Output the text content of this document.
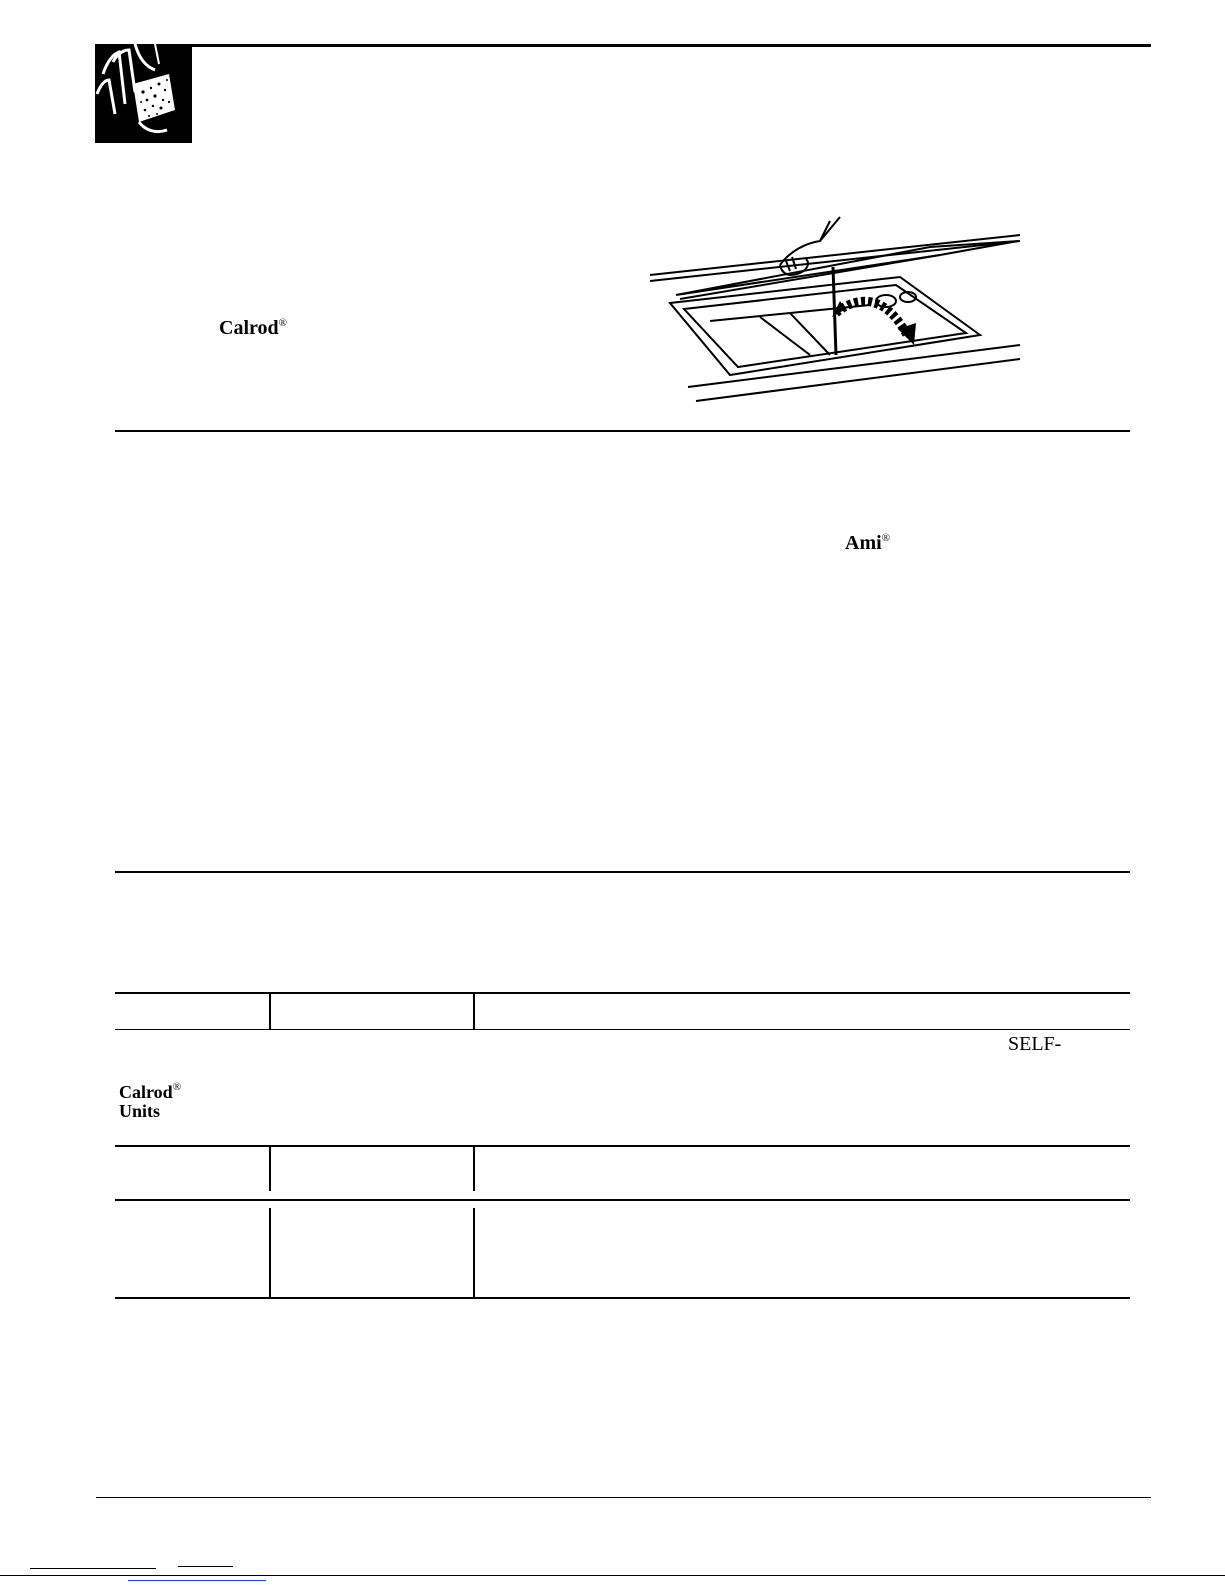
Calrod®
Ami®
Calrod®
Units
SELF-
